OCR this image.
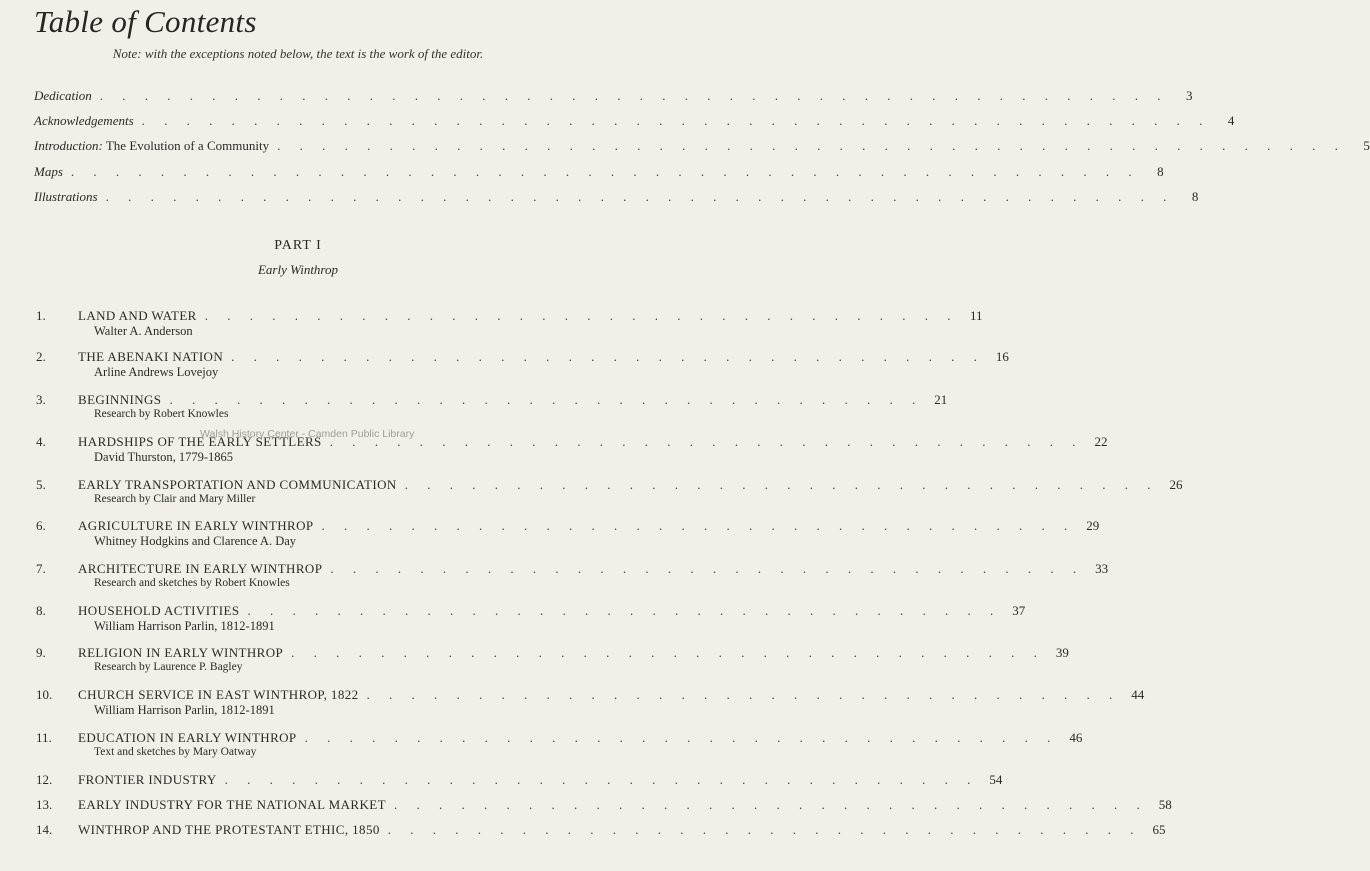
Table of Contents
Note: with the exceptions noted below, the text is the work of the editor.
Dedication . . . . . . . . . . . . . . . . . . . . . . . . . . . . . . . . . . . . . . . . . . . . . . . .	3
Acknowledgements . . . . . . . . . . . . . . . . . . . . . . . . . . . . . . . . . . . . . . . . . . . . . . . .	4
Introduction: The Evolution of a Community . . . . . . . . . . . . . . . . . . . . . . . . . . . . . . . . . . . . . . . . . . . . . . . .	5
Maps . . . . . . . . . . . . . . . . . . . . . . . . . . . . . . . . . . . . . . . . . . . . . . . .	8
Illustrations . . . . . . . . . . . . . . . . . . . . . . . . . . . . . . . . . . . . . . . . . . . . . . . .	8
PART I
Early Winthrop
1.	LAND AND WATER . . . . . . . . . . . . . . . . . . . . . . . . . . . . . . . . . . 11
Walter A. Anderson
2.	THE ABENAKI NATION . . . . . . . . . . . . . . . . . . . . . . . . . . . . . . . . . . 16
Arline Andrews Lovejoy
3.	BEGINNINGS . . . . . . . . . . . . . . . . . . . . . . . . . . . . . . . . . . 21
Research by Robert Knowles
4.	HARDSHIPS OF THE EARLY SETTLERS . . . . . . . . . . . . . . . . . . . . . . . . . . . . . . . . . . 22
David Thurston, 1779-1865
5.	EARLY TRANSPORTATION AND COMMUNICATION . . . . . . . . . . . . . . . . . . . . . . . . . . . . . . . . . . 26
Research by Clair and Mary Miller
6.	AGRICULTURE IN EARLY WINTHROP . . . . . . . . . . . . . . . . . . . . . . . . . . . . . . . . . . 29
Whitney Hodgkins and Clarence A. Day
7.	ARCHITECTURE IN EARLY WINTHROP . . . . . . . . . . . . . . . . . . . . . . . . . . . . . . . . . . 33
Research and sketches by Robert Knowles
8.	HOUSEHOLD ACTIVITIES . . . . . . . . . . . . . . . . . . . . . . . . . . . . . . . . . . 37
William Harrison Parlin, 1812-1891
9.	RELIGION IN EARLY WINTHROP . . . . . . . . . . . . . . . . . . . . . . . . . . . . . . . . . . 39
Research by Laurence P. Bagley
10.	CHURCH SERVICE IN EAST WINTHROP, 1822 . . . . . . . . . . . . . . . . . . . . . . . . . . . . . . . . . . 44
William Harrison Parlin, 1812-1891
11.	EDUCATION IN EARLY WINTHROP . . . . . . . . . . . . . . . . . . . . . . . . . . . . . . . . . . 46
Text and sketches by Mary Oatway
12.	FRONTIER INDUSTRY . . . . . . . . . . . . . . . . . . . . . . . . . . . . . . . . . . 54
13.	EARLY INDUSTRY FOR THE NATIONAL MARKET . . . . . . . . . . . . . . . . . . . . . . . . . . . . . . . . . . 58
14.	WINTHROP AND THE PROTESTANT ETHIC, 1850 . . . . . . . . . . . . . . . . . . . . . . . . . . . . . . . . . . 65
Walsh History Center - Camden Public Library
